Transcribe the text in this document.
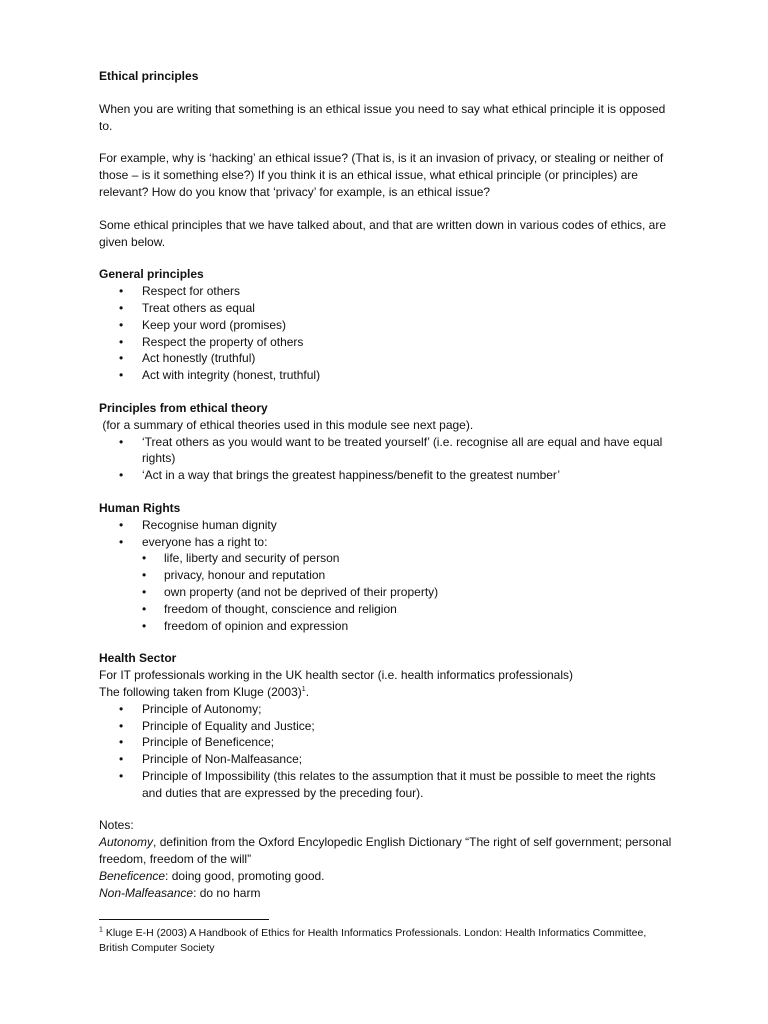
Ethical principles

When you are writing that something is an ethical issue you need to say what ethical principle it is opposed to.

For example, why is ‘hacking’ an ethical issue? (That is, is it an invasion of privacy, or stealing or neither of those – is it something else?) If you think it is an ethical issue, what ethical principle (or principles) are relevant? How do you know that ‘privacy’ for example, is an ethical issue?

Some ethical principles that we have talked about, and that are written down in various codes of ethics, are given below.

General principles

• Respect for others
• Treat others as equal
• Keep your word (promises)
• Respect the property of others
• Act honestly (truthful)
• Act with integrity (honest, truthful)

Principles from ethical theory

(for a summary of ethical theories used in this module see next page).

• ‘Treat others as you would want to be treated yourself’ (i.e. recognise all are equal and have equal rights)
• ‘Act in a way that brings the greatest happiness/benefit to the greatest number’

Human Rights

• Recognise human dignity
• everyone has a right to:
• life, liberty and security of person
• privacy, honour and reputation
• own property (and not be deprived of their property)
• freedom of thought, conscience and religion
• freedom of opinion and expression

Health Sector

For IT professionals working in the UK health sector (i.e. health informatics professionals)

The following taken from Kluge $(2003)^1$.

• Principle of Autonomy;
• Principle of Equality and Justice;
• Principle of Beneficence;
• Principle of Non-Malfeasance;
• Principle of Impossibility (this relates to the assumption that it must be possible to meet the rights and duties that are expressed by the preceding four).

Notes:

Autonomy, definition from the Oxford Encylopedic English Dictionary “The right of self government; personal freedom, freedom of the will”

Beneficence: doing good, promoting good.

Non-Malfeasance: do no harm

$^1$ Kluge E-H (2003) A Handbook of Ethics for Health Informatics Professionals. London: Health Informatics Committee, British Computer Society
